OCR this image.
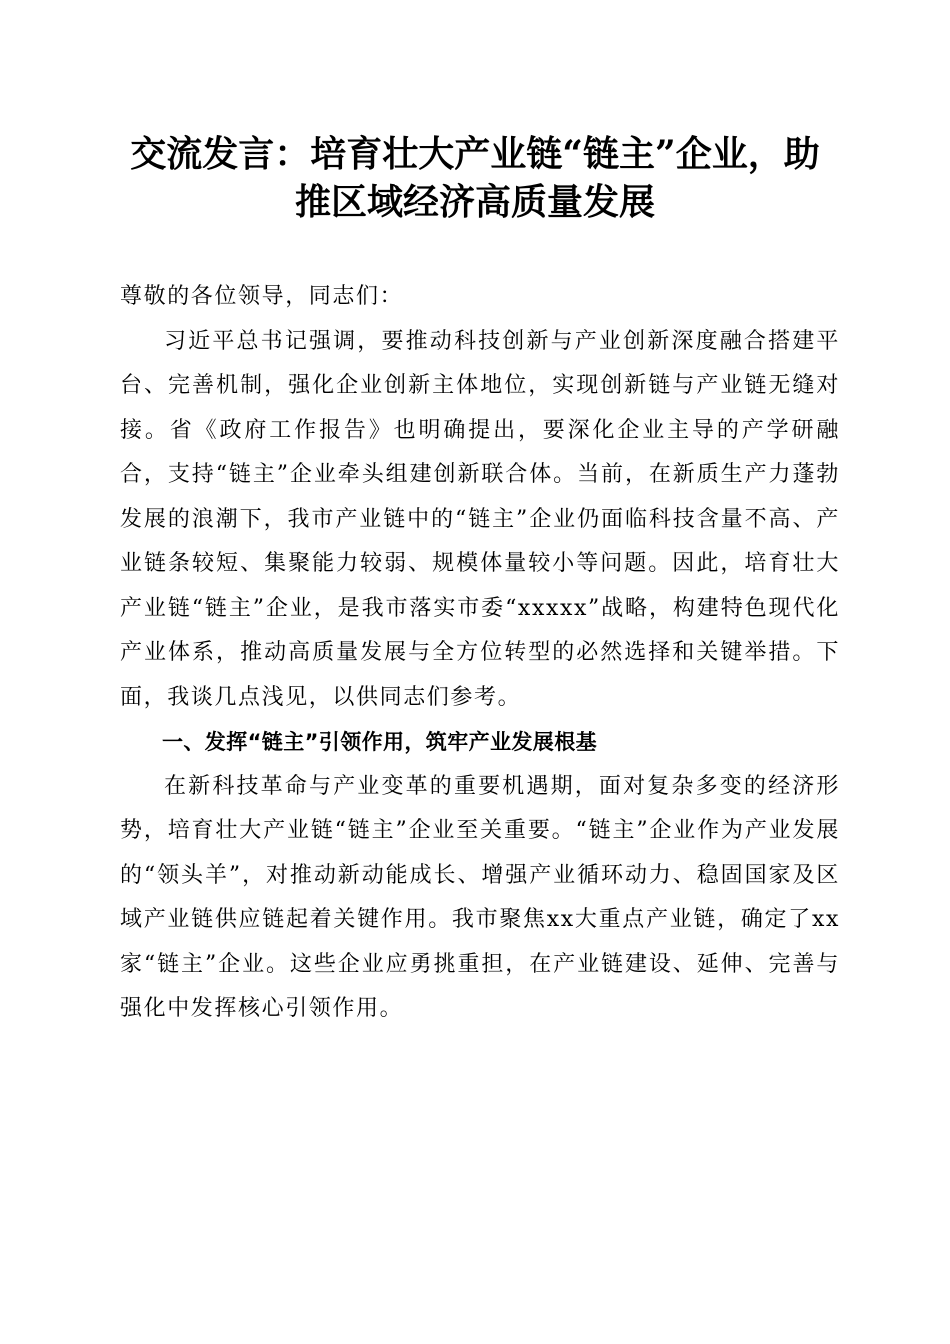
交流发言：培育壮大产业链“链主”企业，助
推区域经济高质量发展

尊敬的各位领导，同志们：

习近平总书记强调，要推动科技创新与产业创新深度融合搭建平台、完善机制，强化企业创新主体地位，实现创新链与产业链无缝对接。省《政府工作报告》也明确提出，要深化企业主导的产学研融合，支持“链主”企业牵头组建创新联合体。当前，在新质生产力蓬勃发展的浪潮下，我市产业链中的“链主”企业仍面临科技含量不高、产业链条较短、集聚能力较弱、规模体量较小等问题。因此，培育壮大产业链“链主”企业，是我市落实市委“xxxxx”战略，构建特色现代化产业体系，推动高质量发展与全方位转型的必然选择和关键举措。下面，我谈几点浅见，以供同志们参考。

一、发挥“链主”引领作用，筑牢产业发展根基

在新科技革命与产业变革的重要机遇期，面对复杂多变的经济形势，培育壮大产业链“链主”企业至关重要。“链主”企业作为产业发展的“领头羊”，对推动新动能成长、增强产业循环动力、稳固国家及区域产业链供应链起着关键作用。我市聚焦xx大重点产业链，确定了xx家“链主”企业。这些企业应勇挑重担，在产业链建设、延伸、完善与强化中发挥核心引领作用。
